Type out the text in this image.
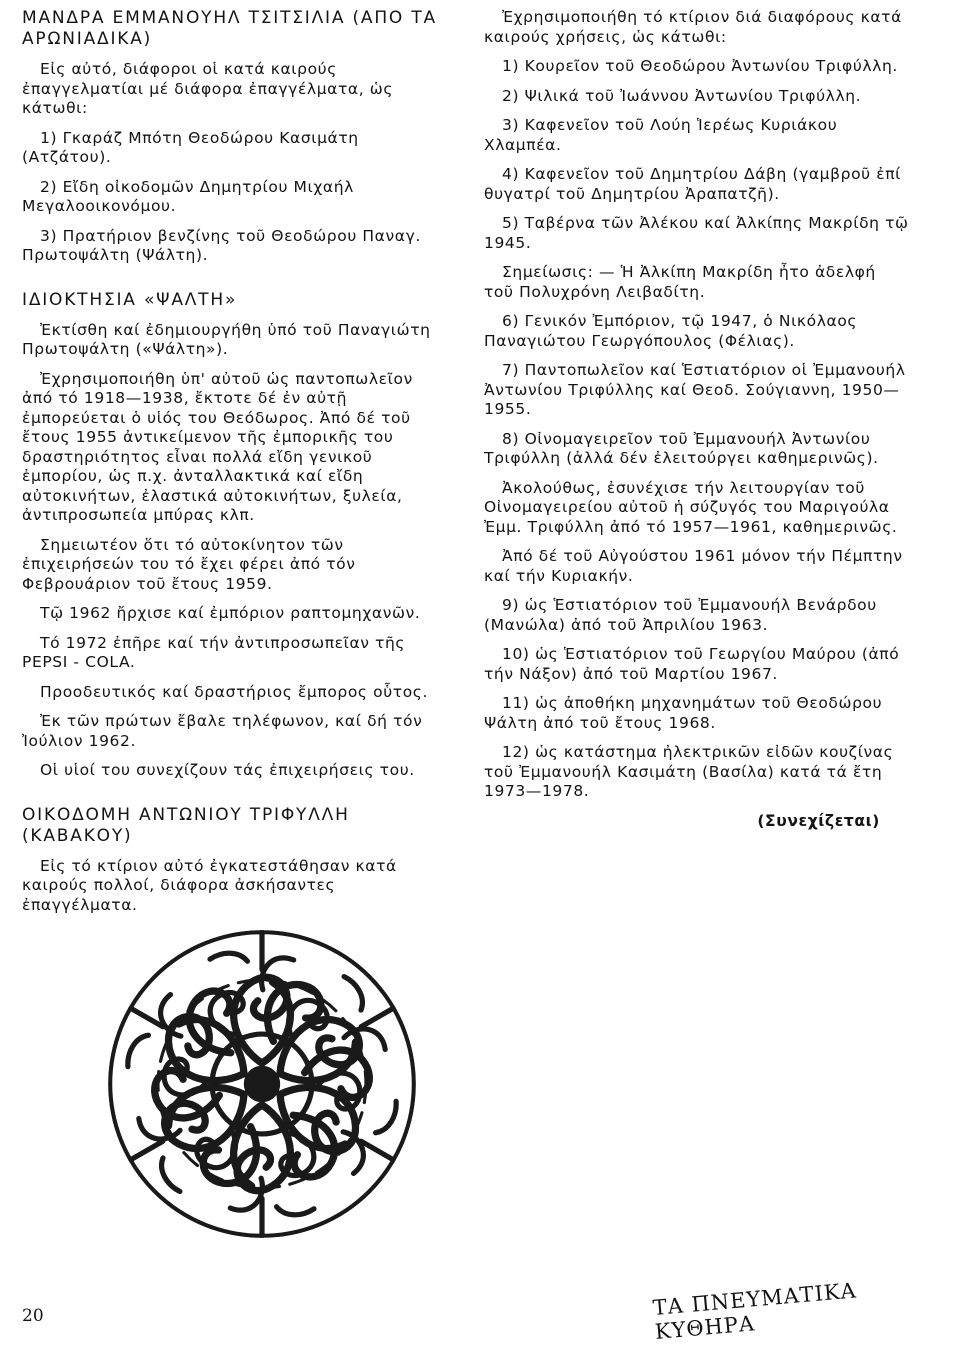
ΜΑΝΔΡΑ ΕΜΜΑΝΟΥΗΛ ΤΣΙΤΣΙΛΙΑ (ΑΠΟ ΤΑ ΑΡΩΝΙΑΔΙΚΑ)

Εἰς αὐτό, διάφοροι οἱ κατά καιρούς ἐπαγγελματίαι μέ διάφορα ἐπαγγέλματα, ὡς κάτωθι:

1) Γκαράζ Μπότη Θεοδώρου Κασιμάτη (Ατζάτου).

2) Εἴδη οἰκοδομῶν Δημητρίου Μιχαήλ Μεγαλοοικονόμου.

3) Πρατήριον βενζίνης τοῦ Θεοδώρου Παναγ. Πρωτοψάλτη (Ψάλτη).

ΙΔΙΟΚΤΗΣΙΑ «ΨΑΛΤΗ»

Ἐκτίσθη καί ἐδημιουργήθη ὑπό τοῦ Παναγιώτη Πρωτοψάλτη («Ψάλτη»).

Ἐχρησιμοποιήθη ὑπ' αὐτοῦ ὡς παντοπωλεῖον ἀπό τό 1918—1938, ἔκτοτε δέ ἐν αὐτῇ ἐμπορεύεται ὁ υἱός του Θεόδωρος. Ἀπό δέ τοῦ ἔτους 1955 ἀντικείμενον τῆς ἐμπορικῆς του δραστηριότητος εἶναι πολλά εἴδη γενικοῦ ἐμπορίου, ὡς π.χ. ἀνταλλακτικά καί εἴδη αὐτοκινήτων, ἐλαστικά αὐτοκινήτων, ξυλεία, ἀντιπροσωπεία μπύρας κλπ.

Σημειωτέον ὅτι τό αὐτοκίνητον τῶν ἐπιχειρήσεών του τό ἔχει φέρει ἀπό τόν Φεβρουάριον τοῦ ἔτους 1959.

Τῷ 1962 ἤρχισε καί ἐμπόριον ραπτομηχανῶν.

Τό 1972 ἐπῆρε καί τήν ἀντιπροσωπεῖαν τῆς PEPSI - COLA.

Προοδευτικός καί δραστήριος ἔμπορος οὗτος.

Ἐκ τῶν πρώτων ἔβαλε τηλέφωνον, καί δή τόν Ἰούλιον 1962.

Οἱ υἱοί του συνεχίζουν τάς ἐπιχειρήσεις του.

ΟΙΚΟΔΟΜΗ ΑΝΤΩΝΙΟΥ ΤΡΙΦΥΛΛΗ (ΚΑΒΑΚΟΥ)

Εἰς τό κτίριον αὐτό ἐγκατεστάθησαν κατά καιρούς πολλοί, διάφορα ἀσκήσαντες ἐπαγγέλματα.

Ἐχρησιμοποιήθη τό κτίριον διά διαφόρους κατά καιρούς χρήσεις, ὡς κάτωθι:

1) Κουρεῖον τοῦ Θεοδώρου Ἀντωνίου Τριφύλλη.

2) Ψιλικά τοῦ Ἰωάννου Ἀντωνίου Τριφύλλη.

3) Καφενεῖον τοῦ Λούη Ἱερέως Κυριάκου Χλαμπέα.

4) Καφενεῖον τοῦ Δημητρίου Δάβη (γαμβροῦ ἐπί θυγατρί τοῦ Δημητρίου Ἀραπατζῆ).

5) Ταβέρνα τῶν Ἀλέκου καί Ἀλκίπης Μακρίδη τῷ 1945.

Σημείωσις: — Ἡ Ἀλκίπη Μακρίδη ἦτο ἀδελφή τοῦ Πολυχρόνη Λειβαδίτη.

6) Γενικόν Ἐμπόριον, τῷ 1947, ὁ Νικόλαος Παναγιώτου Γεωργόπουλος (Φέλιας).

7) Παντοπωλεῖον καί Ἑστιατόριον οἱ Ἐμμανουήλ Ἀντωνίου Τριφύλλης καί Θεοδ. Σούγιαννη, 1950—1955.

8) Οἰνομαγειρεῖον τοῦ Ἐμμανουήλ Ἀντωνίου Τριφύλλη (ἀλλά δέν ἐλειτούργει καθημερινῶς).

Ἀκολούθως, ἐσυνέχισε τήν λειτουργίαν τοῦ Οἰνομαγειρείου αὐτοῦ ἡ σύζυγός του Μαριγούλα Ἐμμ. Τριφύλλη ἀπό τό 1957—1961, καθημερινῶς.

Ἀπό δέ τοῦ Αὐγούστου 1961 μόνον τήν Πέμπτην καί τήν Κυριακήν.

9) ὡς Ἑστιατόριον τοῦ Ἐμμανουήλ Βενάρδου (Μανώλα) ἀπό τοῦ Ἀπριλίου 1963.

10) ὡς Ἑστιατόριον τοῦ Γεωργίου Μαύρου (ἀπό τήν Νάξον) ἀπό τοῦ Μαρτίου 1967.

11) ὡς ἀποθήκη μηχανημάτων τοῦ Θεοδώρου Ψάλτη ἀπό τοῦ ἔτους 1968.

12) ὡς κατάστημα ἠλεκτρικῶν εἰδῶν κουζίνας τοῦ Ἐμμανουήλ Κασιμάτη (Βασίλα) κατά τά ἔτη 1973—1978.

(Συνεχίζεται)

20	ΤΑ ΠΝΕΥΜΑΤΙΚΑ ΚΥΘΗΡΑ
